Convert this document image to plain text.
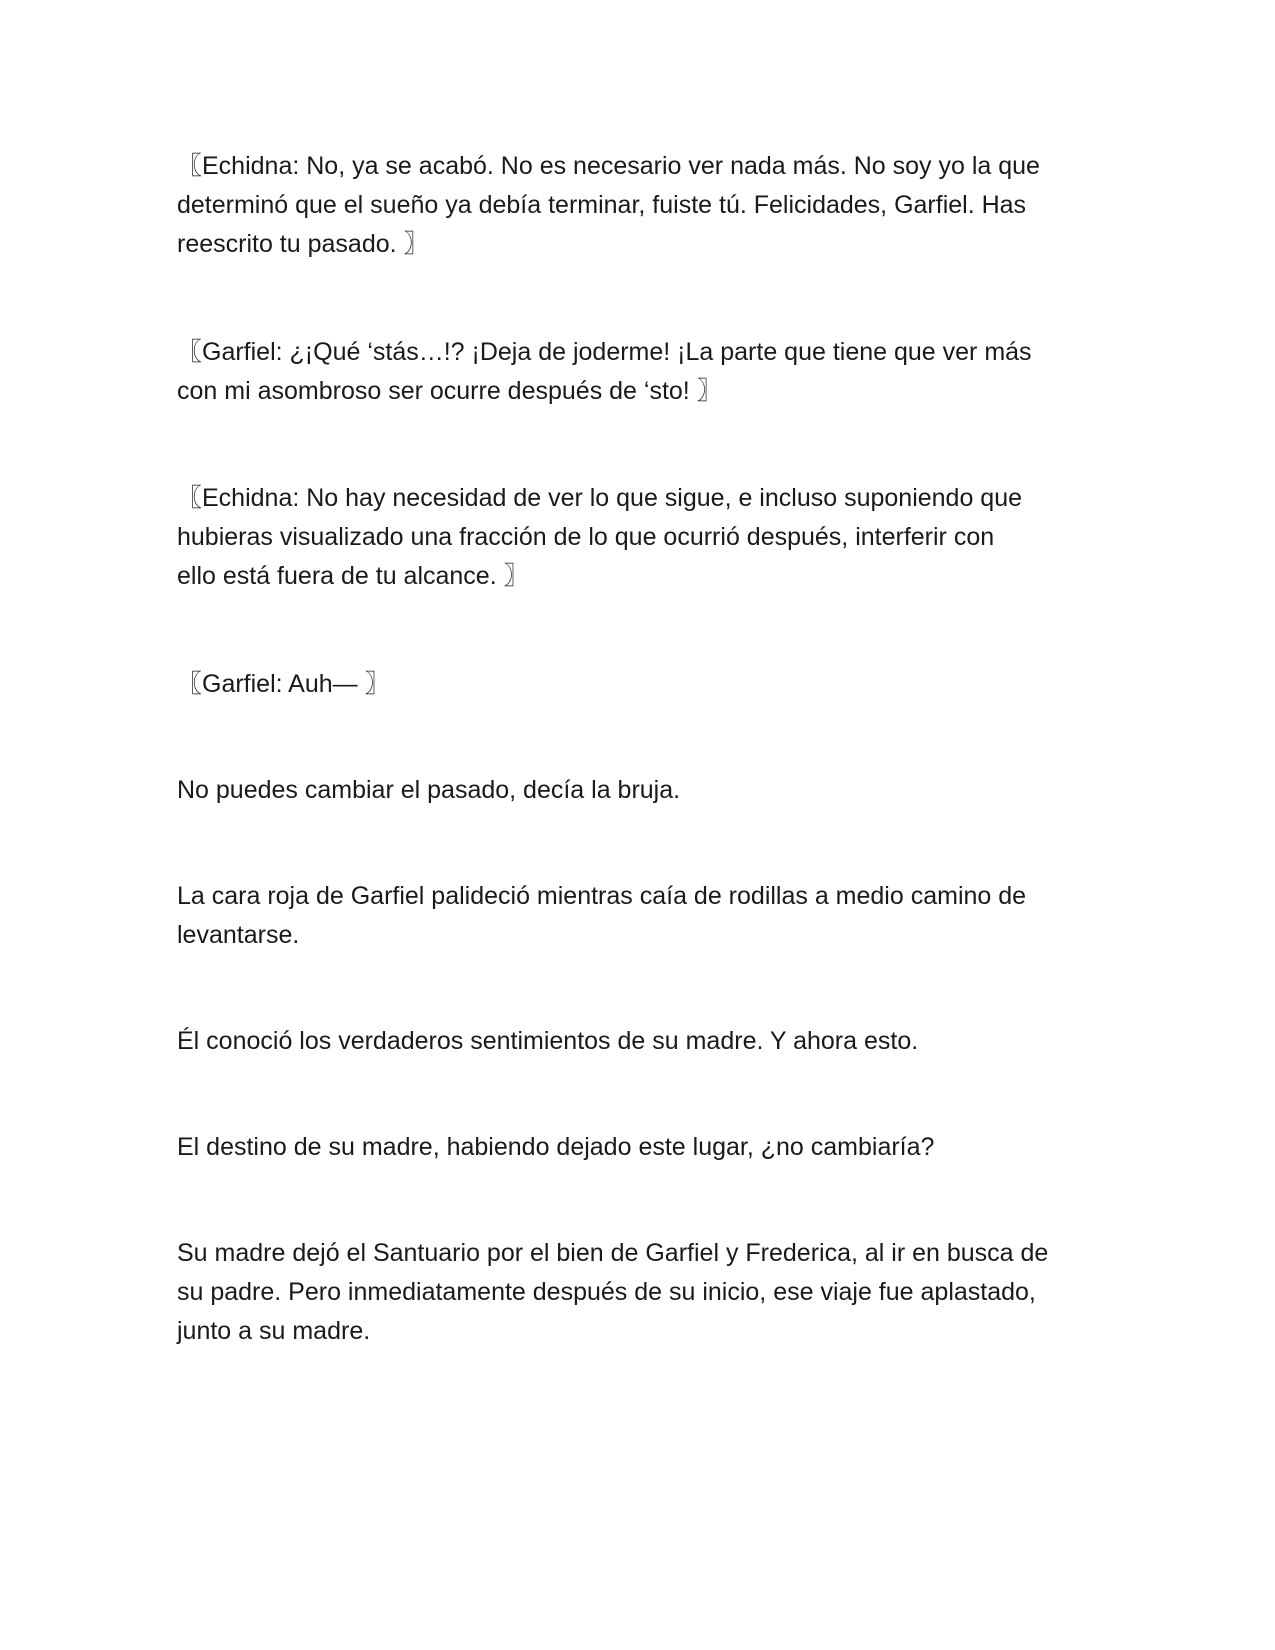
〖Echidna: No, ya se acabó. No es necesario ver nada más. No soy yo la que
determinó que el sueño ya debía terminar, fuiste tú. Felicidades, Garfiel. Has
reescrito tu pasado. 〗

〖Garfiel: ¿¡Qué ‘stás…!? ¡Deja de joderme! ¡La parte que tiene que ver más
con mi asombroso ser ocurre después de ‘sto! 〗

〖Echidna: No hay necesidad de ver lo que sigue, e incluso suponiendo que
hubieras visualizado una fracción de lo que ocurrió después, interferir con
ello está fuera de tu alcance. 〗

〖Garfiel: Auh— 〗

No puedes cambiar el pasado, decía la bruja.

La cara roja de Garfiel palideció mientras caía de rodillas a medio camino de
levantarse.

Él conoció los verdaderos sentimientos de su madre. Y ahora esto.

El destino de su madre, habiendo dejado este lugar, ¿no cambiaría?

Su madre dejó el Santuario por el bien de Garfiel y Frederica, al ir en busca de
su padre. Pero inmediatamente después de su inicio, ese viaje fue aplastado,
junto a su madre.
